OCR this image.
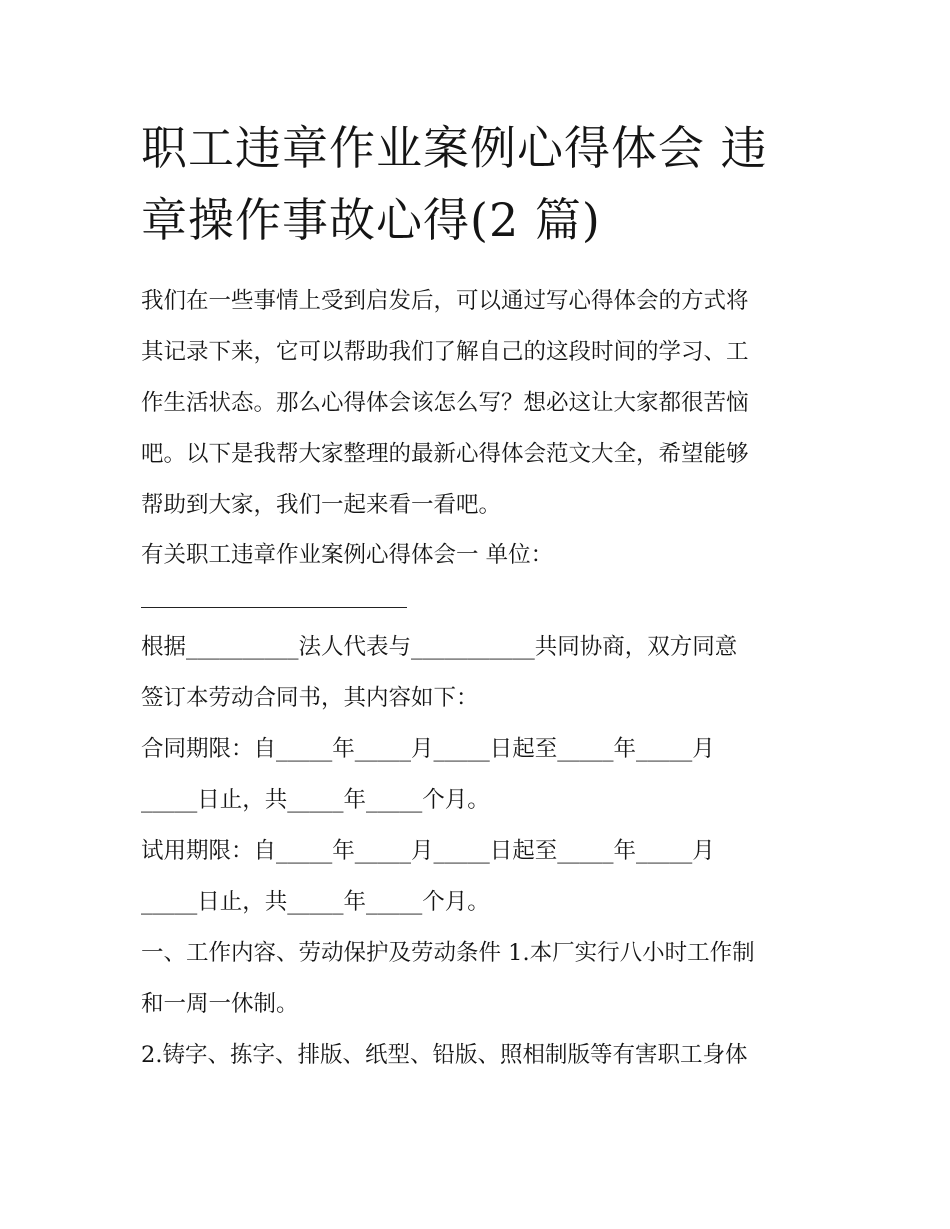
职工违章作业案例心得体会 违
章操作事故心得(2 篇)

我们在一些事情上受到启发后，可以通过写心得体会的方式将
其记录下来，它可以帮助我们了解自己的这段时间的学习、工
作生活状态。那么心得体会该怎么写？想必这让大家都很苦恼
吧。以下是我帮大家整理的最新心得体会范文大全，希望能够
帮助到大家，我们一起来看一看吧。

有关职工违章作业案例心得体会一 单位：

根据__________法人代表与___________共同协商，双方同意
签订本劳动合同书，其内容如下：

合同期限：自_____年_____月_____日起至_____年_____月
_____日止，共_____年_____个月。

试用期限：自_____年_____月_____日起至_____年_____月
_____日止，共_____年_____个月。

一、工作内容、劳动保护及劳动条件 1.本厂实行八小时工作制
和一周一休制。

2.铸字、拣字、排版、纸型、铅版、照相制版等有害职工身体
